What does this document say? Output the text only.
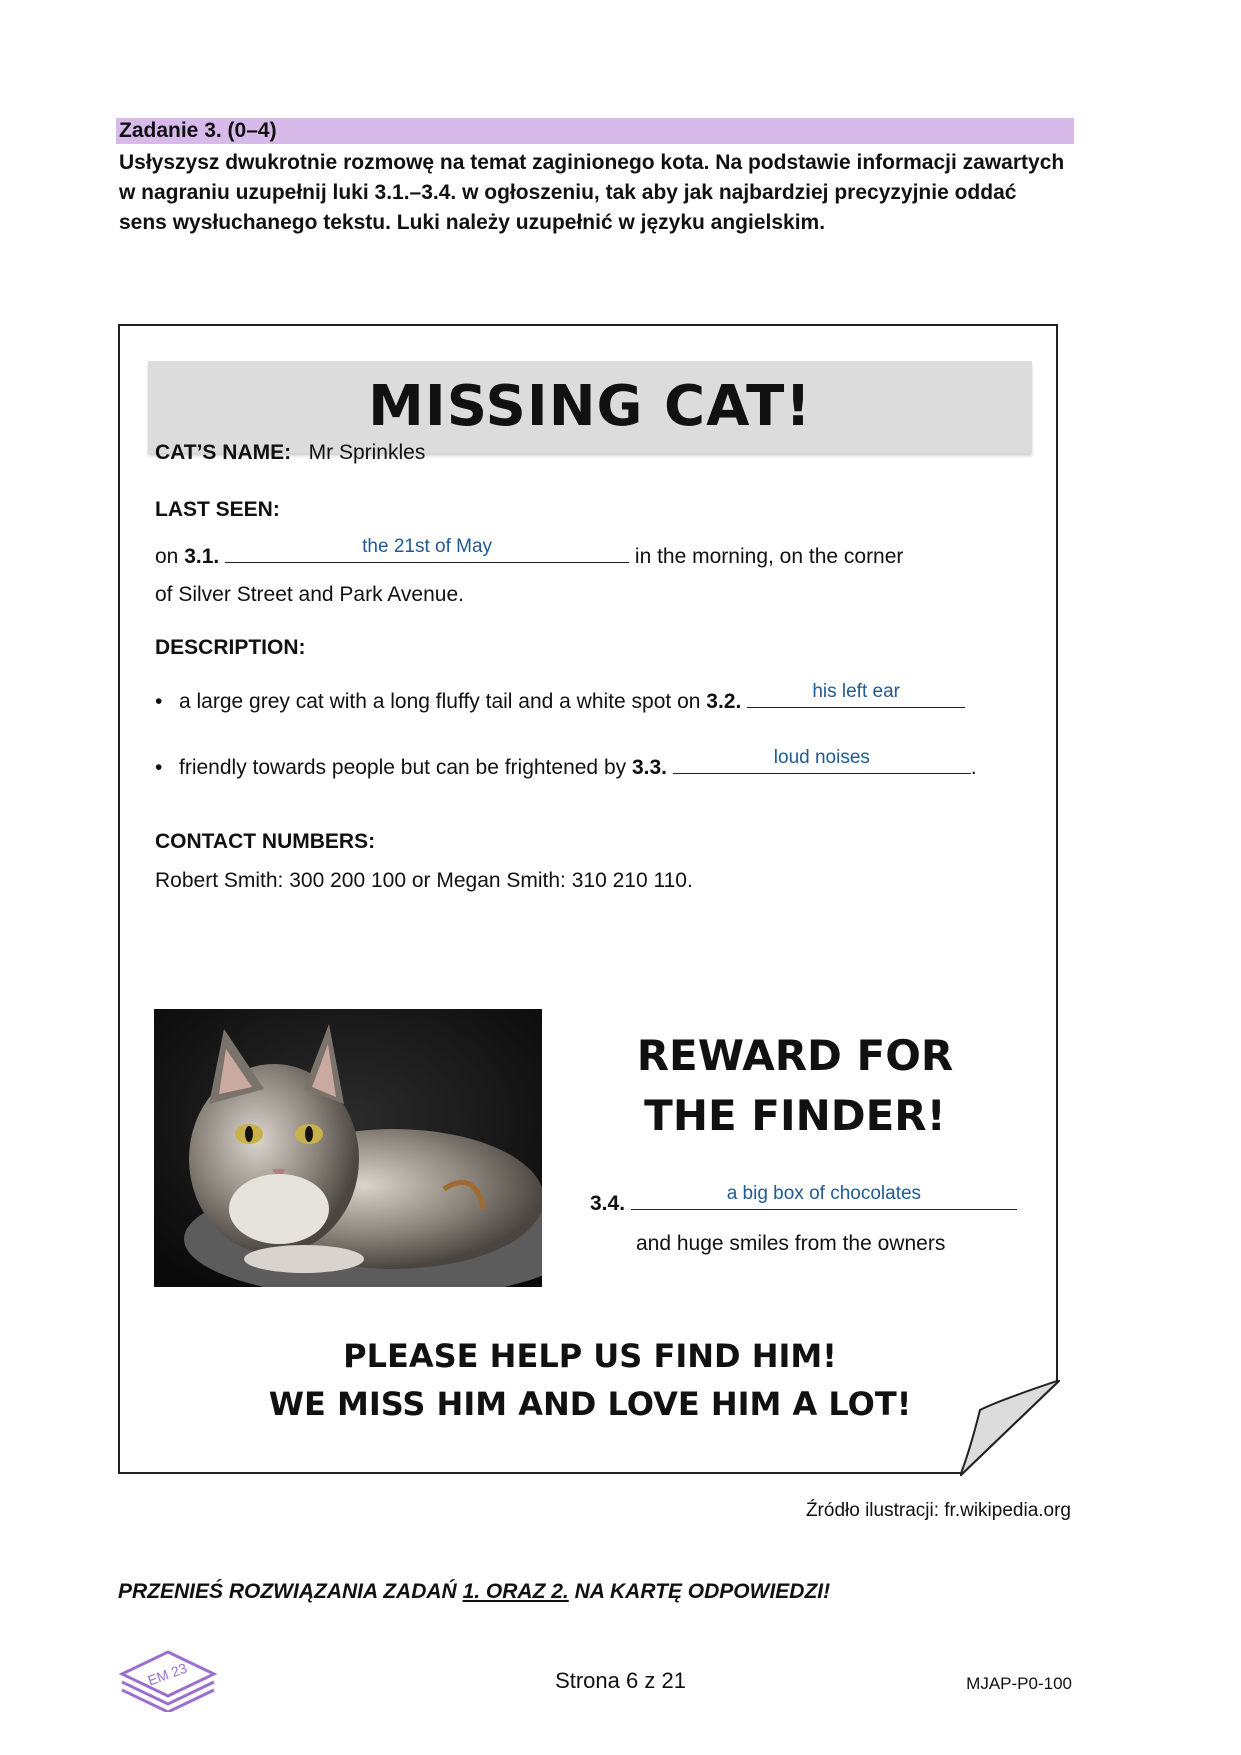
Zadanie 3. (0–4)
Usłyszysz dwukrotnie rozmowę na temat zaginionego kota. Na podstawie informacji zawartych w nagraniu uzupełnij luki 3.1.–3.4. w ogłoszeniu, tak aby jak najbardziej precyzyjnie oddać sens wysłuchanego tekstu. Luki należy uzupełnić w języku angielskim.
MISSING CAT!
CAT’S NAME: Mr Sprinkles
LAST SEEN:
on 3.1.	the 21st of May	in the morning, on the corner
of Silver Street and Park Avenue.
DESCRIPTION:
• a large grey cat with a long fluffy tail and a white spot on 3.2.	his left ear
• friendly towards people but can be frightened by 3.3.	loud noises	.
CONTACT NUMBERS:
Robert Smith: 300 200 100 or Megan Smith: 310 210 110.
REWARD FOR
THE FINDER!
3.4.	a big box of chocolates
and huge smiles from the owners
PLEASE HELP US FIND HIM!
WE MISS HIM AND LOVE HIM A LOT!
Źródło ilustracji: fr.wikipedia.org
PRZENIEŚ ROZWIĄZANIA ZADAŃ 1. ORAZ 2. NA KARTĘ ODPOWIEDZI!
EM 23	Strona 6 z 21	MJAP-P0-100
